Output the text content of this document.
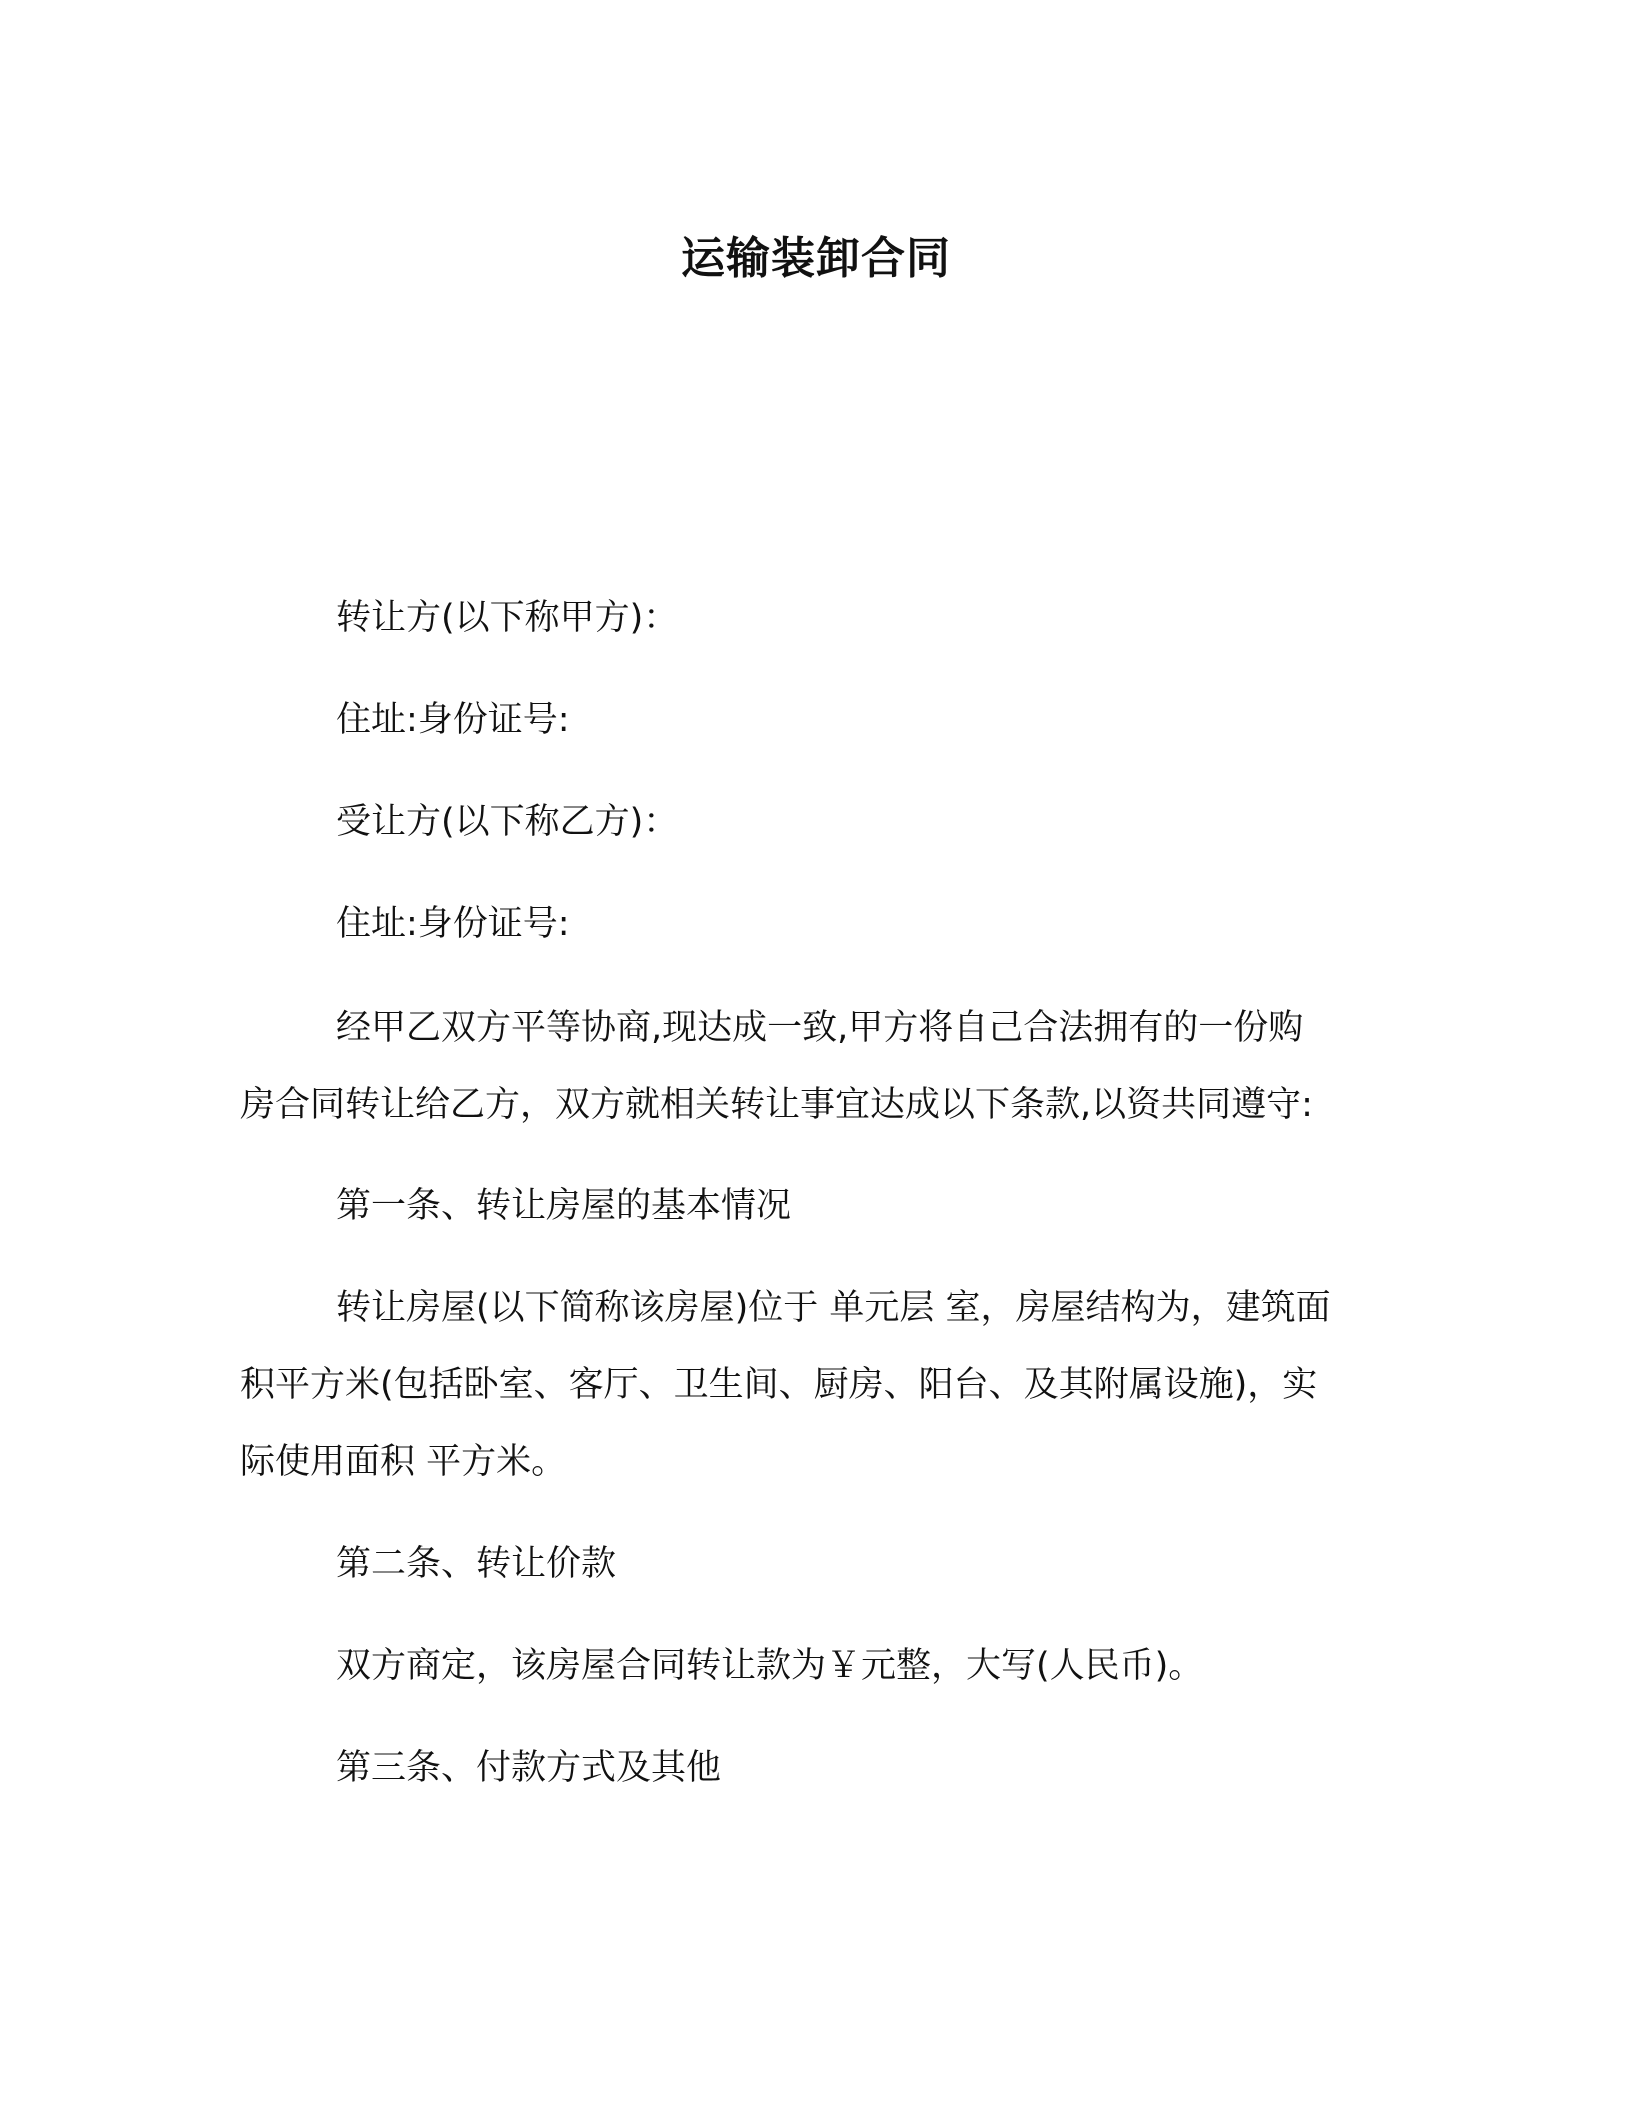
运输装卸合同

转让方(以下称甲方)：

住址:身份证号:

受让方(以下称乙方)：

住址:身份证号:

经甲乙双方平等协商,现达成一致,甲方将自己合法拥有的一份购
房合同转让给乙方，双方就相关转让事宜达成以下条款,以资共同遵守:

第一条、转让房屋的基本情况

转让房屋(以下简称该房屋)位于 单元层 室，房屋结构为，建筑面
积平方米(包括卧室、客厅、卫生间、厨房、阳台、及其附属设施)，实
际使用面积 平方米。

第二条、转让价款

双方商定，该房屋合同转让款为￥元整，大写(人民币)。

第三条、付款方式及其他
